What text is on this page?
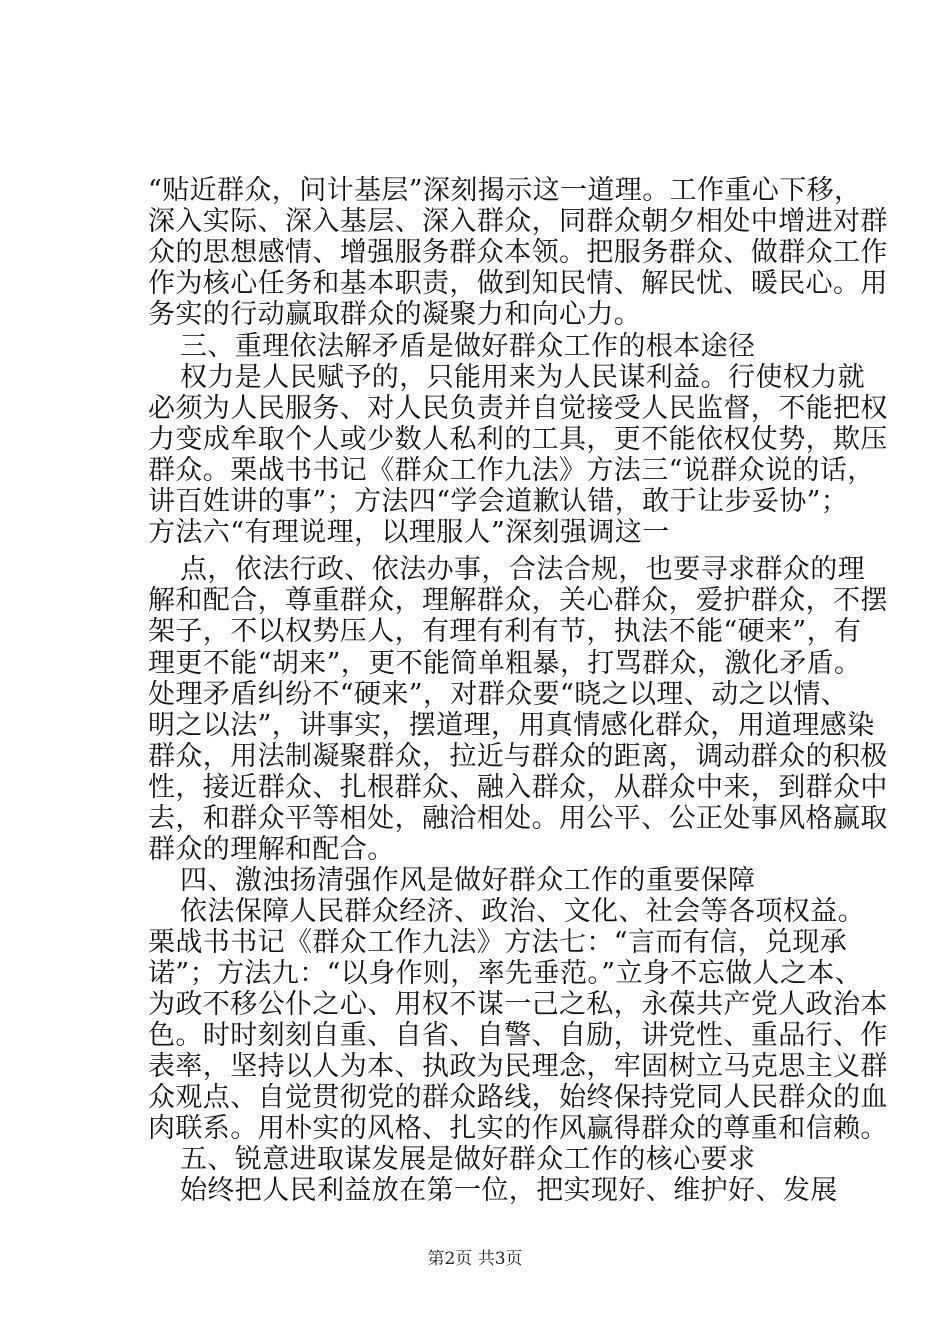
“贴近群众，问计基层”深刻揭示这一道理。工作重心下移，
深入实际、深入基层、深入群众，同群众朝夕相处中增进对群
众的思想感情、增强服务群众本领。把服务群众、做群众工作
作为核心任务和基本职责，做到知民情、解民忧、暖民心。用
务实的行动赢取群众的凝聚力和向心力。
三、重理依法解矛盾是做好群众工作的根本途径
权力是人民赋予的，只能用来为人民谋利益。行使权力就
必须为人民服务、对人民负责并自觉接受人民监督，不能把权
力变成牟取个人或少数人私利的工具，更不能依权仗势，欺压
群众。栗战书书记《群众工作九法》方法三“说群众说的话，
讲百姓讲的事”；方法四“学会道歉认错，敢于让步妥协”；
方法六“有理说理，以理服人”深刻强调这一
点，依法行政、依法办事，合法合规，也要寻求群众的理
解和配合，尊重群众，理解群众，关心群众，爱护群众，不摆
架子，不以权势压人，有理有利有节，执法不能“硬来”，有
理更不能“胡来”，更不能简单粗暴，打骂群众，激化矛盾。
处理矛盾纠纷不“硬来”，对群众要“晓之以理、动之以情、
明之以法”，讲事实，摆道理，用真情感化群众，用道理感染
群众，用法制凝聚群众，拉近与群众的距离，调动群众的积极
性，接近群众、扎根群众、融入群众，从群众中来，到群众中
去，和群众平等相处，融洽相处。用公平、公正处事风格赢取
群众的理解和配合。
四、激浊扬清强作风是做好群众工作的重要保障
依法保障人民群众经济、政治、文化、社会等各项权益。
栗战书书记《群众工作九法》方法七：“言而有信，兑现承
诺”；方法九：“以身作则，率先垂范。”立身不忘做人之本、
为政不移公仆之心、用权不谋一己之私，永葆共产党人政治本
色。时时刻刻自重、自省、自警、自励，讲党性、重品行、作
表率，坚持以人为本、执政为民理念，牢固树立马克思主义群
众观点、自觉贯彻党的群众路线，始终保持党同人民群众的血
肉联系。用朴实的风格、扎实的作风赢得群众的尊重和信赖。
五、锐意进取谋发展是做好群众工作的核心要求
始终把人民利益放在第一位，把实现好、维护好、发展
第2页 共3页
